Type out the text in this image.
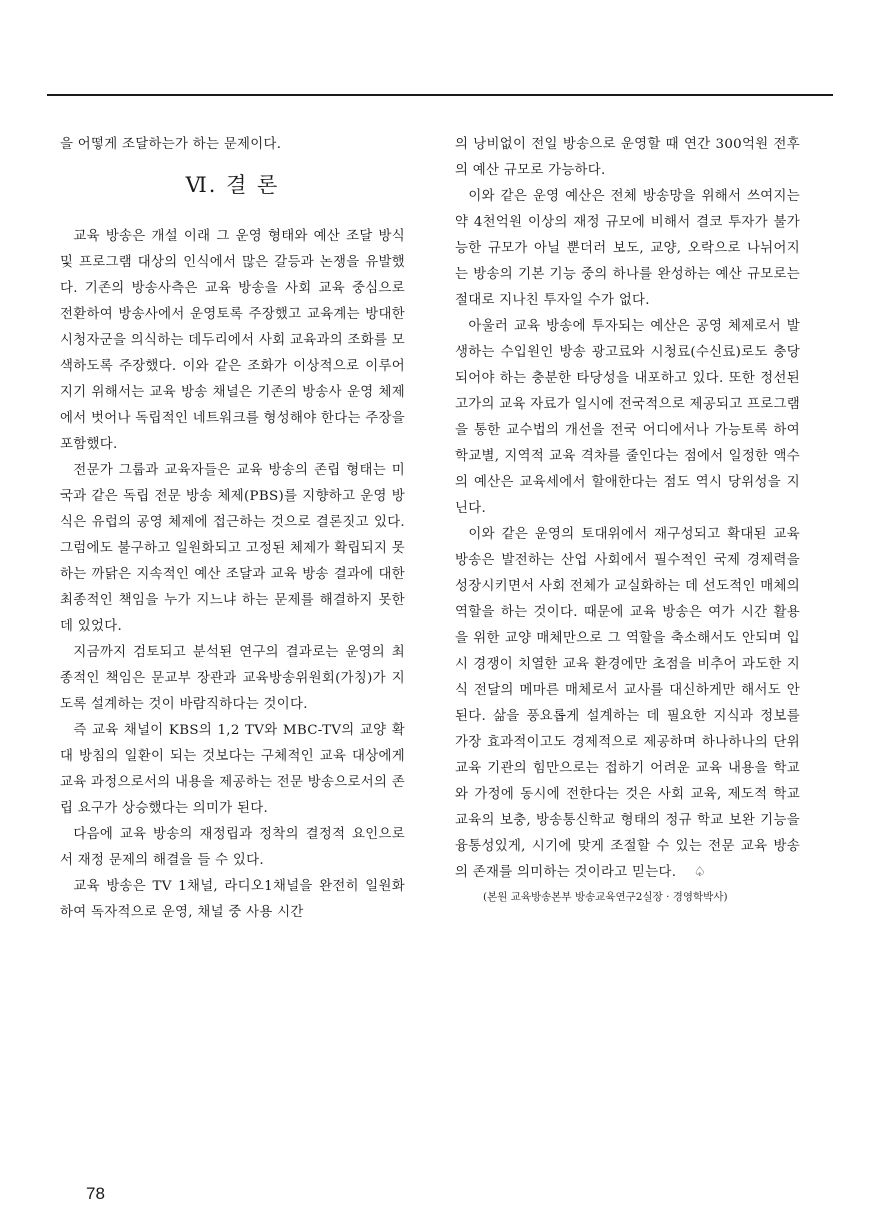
을 어떻게 조달하는가 하는 문제이다.

Ⅵ. 결 론

교육 방송은 개설 이래 그 운영 형태와 예산 조달 방식 및 프로그램 대상의 인식에서 많은 갈등과 논쟁을 유발했다. 기존의 방송사측은 교육 방송을 사회 교육 중심으로 전환하여 방송사에서 운영토록 주장했고 교육계는 방대한 시청자군을 의식하는 데두리에서 사회 교육과의 조화를 모색하도록 주장했다. 이와 같은 조화가 이상적으로 이루어지기 위해서는 교육 방송 채널은 기존의 방송사 운영 체제에서 벗어나 독립적인 네트워크를 형성해야 한다는 주장을 포함했다.

전문가 그룹과 교육자들은 교육 방송의 존립 형태는 미국과 같은 독립 전문 방송 체제(PBS)를 지향하고 운영 방식은 유럽의 공영 체제에 접근하는 것으로 결론짓고 있다. 그럼에도 불구하고 일원화되고 고정된 체제가 확립되지 못하는 까닭은 지속적인 예산 조달과 교육 방송 결과에 대한 최종적인 책임을 누가 지느냐 하는 문제를 해결하지 못한 데 있었다.

지금까지 검토되고 분석된 연구의 결과로는 운영의 최종적인 책임은 문교부 장관과 교육방송위원회(가칭)가 지도록 설계하는 것이 바람직하다는 것이다.

즉 교육 채널이 KBS의 1,2 TV와 MBC-TV의 교양 확대 방침의 일환이 되는 것보다는 구체적인 교육 대상에게 교육 과정으로서의 내용을 제공하는 전문 방송으로서의 존립 요구가 상승했다는 의미가 된다.

다음에 교육 방송의 재정립과 정착의 결정적 요인으로서 재정 문제의 해결을 들 수 있다.

교육 방송은 TV 1채널, 라디오1채널을 완전히 일원화하여 독자적으로 운영, 채널 중 사용 시간

의 낭비없이 전일 방송으로 운영할 때 연간 300억원 전후의 예산 규모로 가능하다.

이와 같은 운영 예산은 전체 방송망을 위해서 쓰여지는 약 4천억원 이상의 재정 규모에 비해서 결코 투자가 불가능한 규모가 아닐 뿐더러 보도, 교양, 오락으로 나뉘어지는 방송의 기본 기능 중의 하나를 완성하는 예산 규모로는 절대로 지나친 투자일 수가 없다.

아울러 교육 방송에 투자되는 예산은 공영 체제로서 발생하는 수입원인 방송 광고료와 시청료(수신료)로도 충당되어야 하는 충분한 타당성을 내포하고 있다. 또한 정선된 고가의 교육 자료가 일시에 전국적으로 제공되고 프로그램을 통한 교수법의 개선을 전국 어디에서나 가능토록 하여 학교별, 지역적 교육 격차를 줄인다는 점에서 일정한 액수의 예산은 교육세에서 할애한다는 점도 역시 당위성을 지닌다.

이와 같은 운영의 토대위에서 재구성되고 확대된 교육 방송은 발전하는 산업 사회에서 필수적인 국제 경제력을 성장시키면서 사회 전체가 교실화하는 데 선도적인 매체의 역할을 하는 것이다. 때문에 교육 방송은 여가 시간 활용을 위한 교양 매체만으로 그 역할을 축소해서도 안되며 입시 경쟁이 치열한 교육 환경에만 초점을 비추어 과도한 지식 전달의 메마른 매체로서 교사를 대신하게만 해서도 안된다. 삶을 풍요롭게 설계하는 데 필요한 지식과 정보를 가장 효과적이고도 경제적으로 제공하며 하나하나의 단위 교육 기관의 힘만으로는 접하기 어려운 교육 내용을 학교와 가정에 동시에 전한다는 것은 사회 교육, 제도적 학교 교육의 보충, 방송통신학교 형태의 정규 학교 보완 기능을 융통성있게, 시기에 맞게 조절할 수 있는 전문 교육 방송의 존재를 의미하는 것이라고 믿는다. ♤

(본원 교육방송본부 방송교육연구2실장 · 경영학박사)

78
